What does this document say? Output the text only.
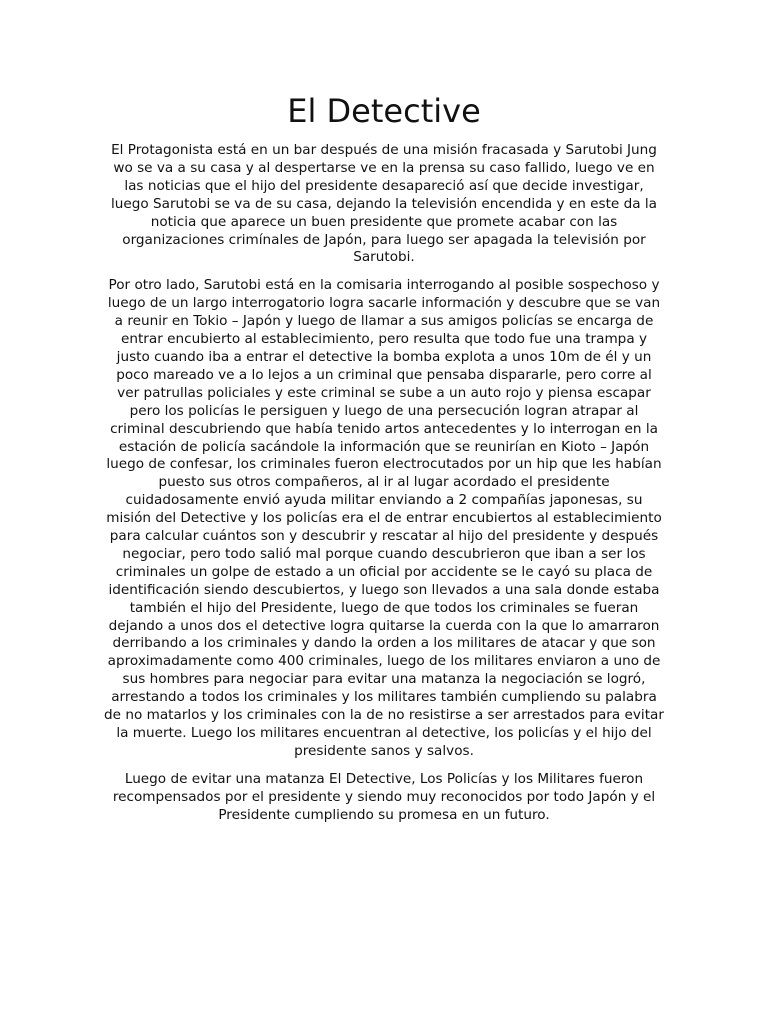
El Detective

El Protagonista está en un bar después de una misión fracasada y Sarutobi Jung wo se va a su casa y al despertarse ve en la prensa su caso fallido, luego ve en las noticias que el hijo del presidente desapareció así que decide investigar, luego Sarutobi se va de su casa, dejando la televisión encendida y en este da la noticia que aparece un buen presidente que promete acabar con las organizaciones crimínales de Japón, para luego ser apagada la televisión por Sarutobi.

Por otro lado, Sarutobi está en la comisaria interrogando al posible sospechoso y luego de un largo interrogatorio logra sacarle información y descubre que se van a reunir en Tokio – Japón y luego de llamar a sus amigos policías se encarga de entrar encubierto al establecimiento, pero resulta que todo fue una trampa y justo cuando iba a entrar el detective la bomba explota a unos 10m de él y un poco mareado ve a lo lejos a un criminal que pensaba dispararle, pero corre al ver patrullas policiales y este criminal se sube a un auto rojo y piensa escapar pero los policías le persiguen y luego de una persecución logran atrapar al criminal descubriendo que había tenido artos antecedentes y lo interrogan en la estación de policía sacándole la información que se reunirían en Kioto – Japón luego de confesar, los criminales fueron electrocutados por un hip que les habían puesto sus otros compañeros, al ir al lugar acordado el presidente cuidadosamente envió ayuda militar enviando a 2 compañías japonesas, su misión del Detective y los policías era el de entrar encubiertos al establecimiento para calcular cuántos son y descubrir y rescatar al hijo del presidente y después negociar, pero todo salió mal porque cuando descubrieron que iban a ser los criminales un golpe de estado a un oficial por accidente se le cayó su placa de identificación siendo descubiertos, y luego son llevados a una sala donde estaba también el hijo del Presidente, luego de que todos los criminales se fueran dejando a unos dos el detective logra quitarse la cuerda con la que lo amarraron derribando a los criminales y dando la orden a los militares de atacar y que son aproximadamente como 400 criminales, luego de los militares enviaron a uno de sus hombres para negociar para evitar una matanza la negociación se logró, arrestando a todos los criminales y los militares también cumpliendo su palabra de no matarlos y los criminales con la de no resistirse a ser arrestados para evitar la muerte. Luego los militares encuentran al detective, los policías y el hijo del presidente sanos y salvos.

Luego de evitar una matanza El Detective, Los Policías y los Militares fueron recompensados por el presidente y siendo muy reconocidos por todo Japón y el Presidente cumpliendo su promesa en un futuro.
